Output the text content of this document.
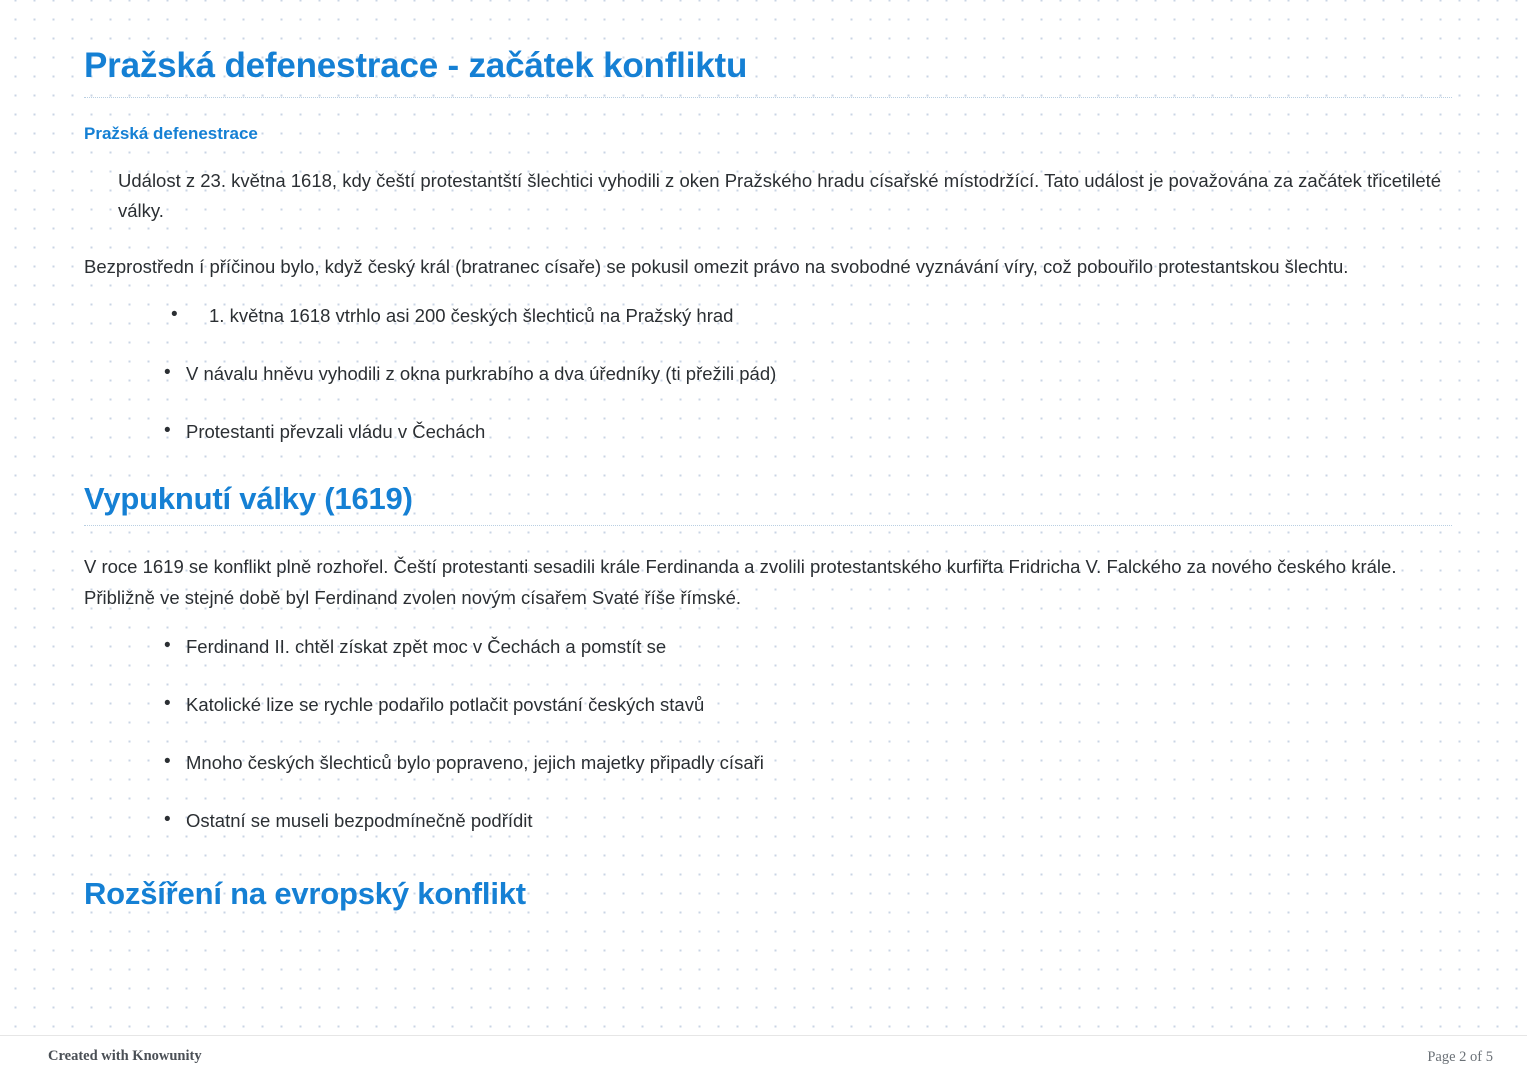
Pražská defenestrace - začátek konfliktu
Pražská defenestrace
Událost z 23. května 1618, kdy čeští protestantští šlechtici vyhodili z oken Pražského hradu císařské místodržící. Tato událost je považována za začátek třicetileté války.

Bezprostředn í příčinou bylo, když český král (bratranec císaře) se pokusil omezit právo na svobodné vyznávání víry, což pobouřilo protestantskou šlechtu.

• 1. května 1618 vtrhlo asi 200 českých šlechticů na Pražský hrad
• V návalu hněvu vyhodili z okna purkrabího a dva úředníky (ti přežili pád)
• Protestanti převzali vládu v Čechách
Vypuknutí války (1619)

V roce 1619 se konflikt plně rozhořel. Čeští protestanti sesadili krále Ferdinanda a zvolili protestantského kurfiřta Fridricha V. Falckého za nového českého krále. Přibližně ve stejné době byl Ferdinand zvolen novým císařem Svaté říše římské.

• Ferdinand II. chtěl získat zpět moc v Čechách a pomstít se
• Katolické lize se rychle podařilo potlačit povstání českých stavů
• Mnoho českých šlechticů bylo popraveno, jejich majetky připadly císaři
• Ostatní se museli bezpodmínečně podřídit
Rozšíření na evropský konflikt
Created with Knowunity	Page 2 of 5
